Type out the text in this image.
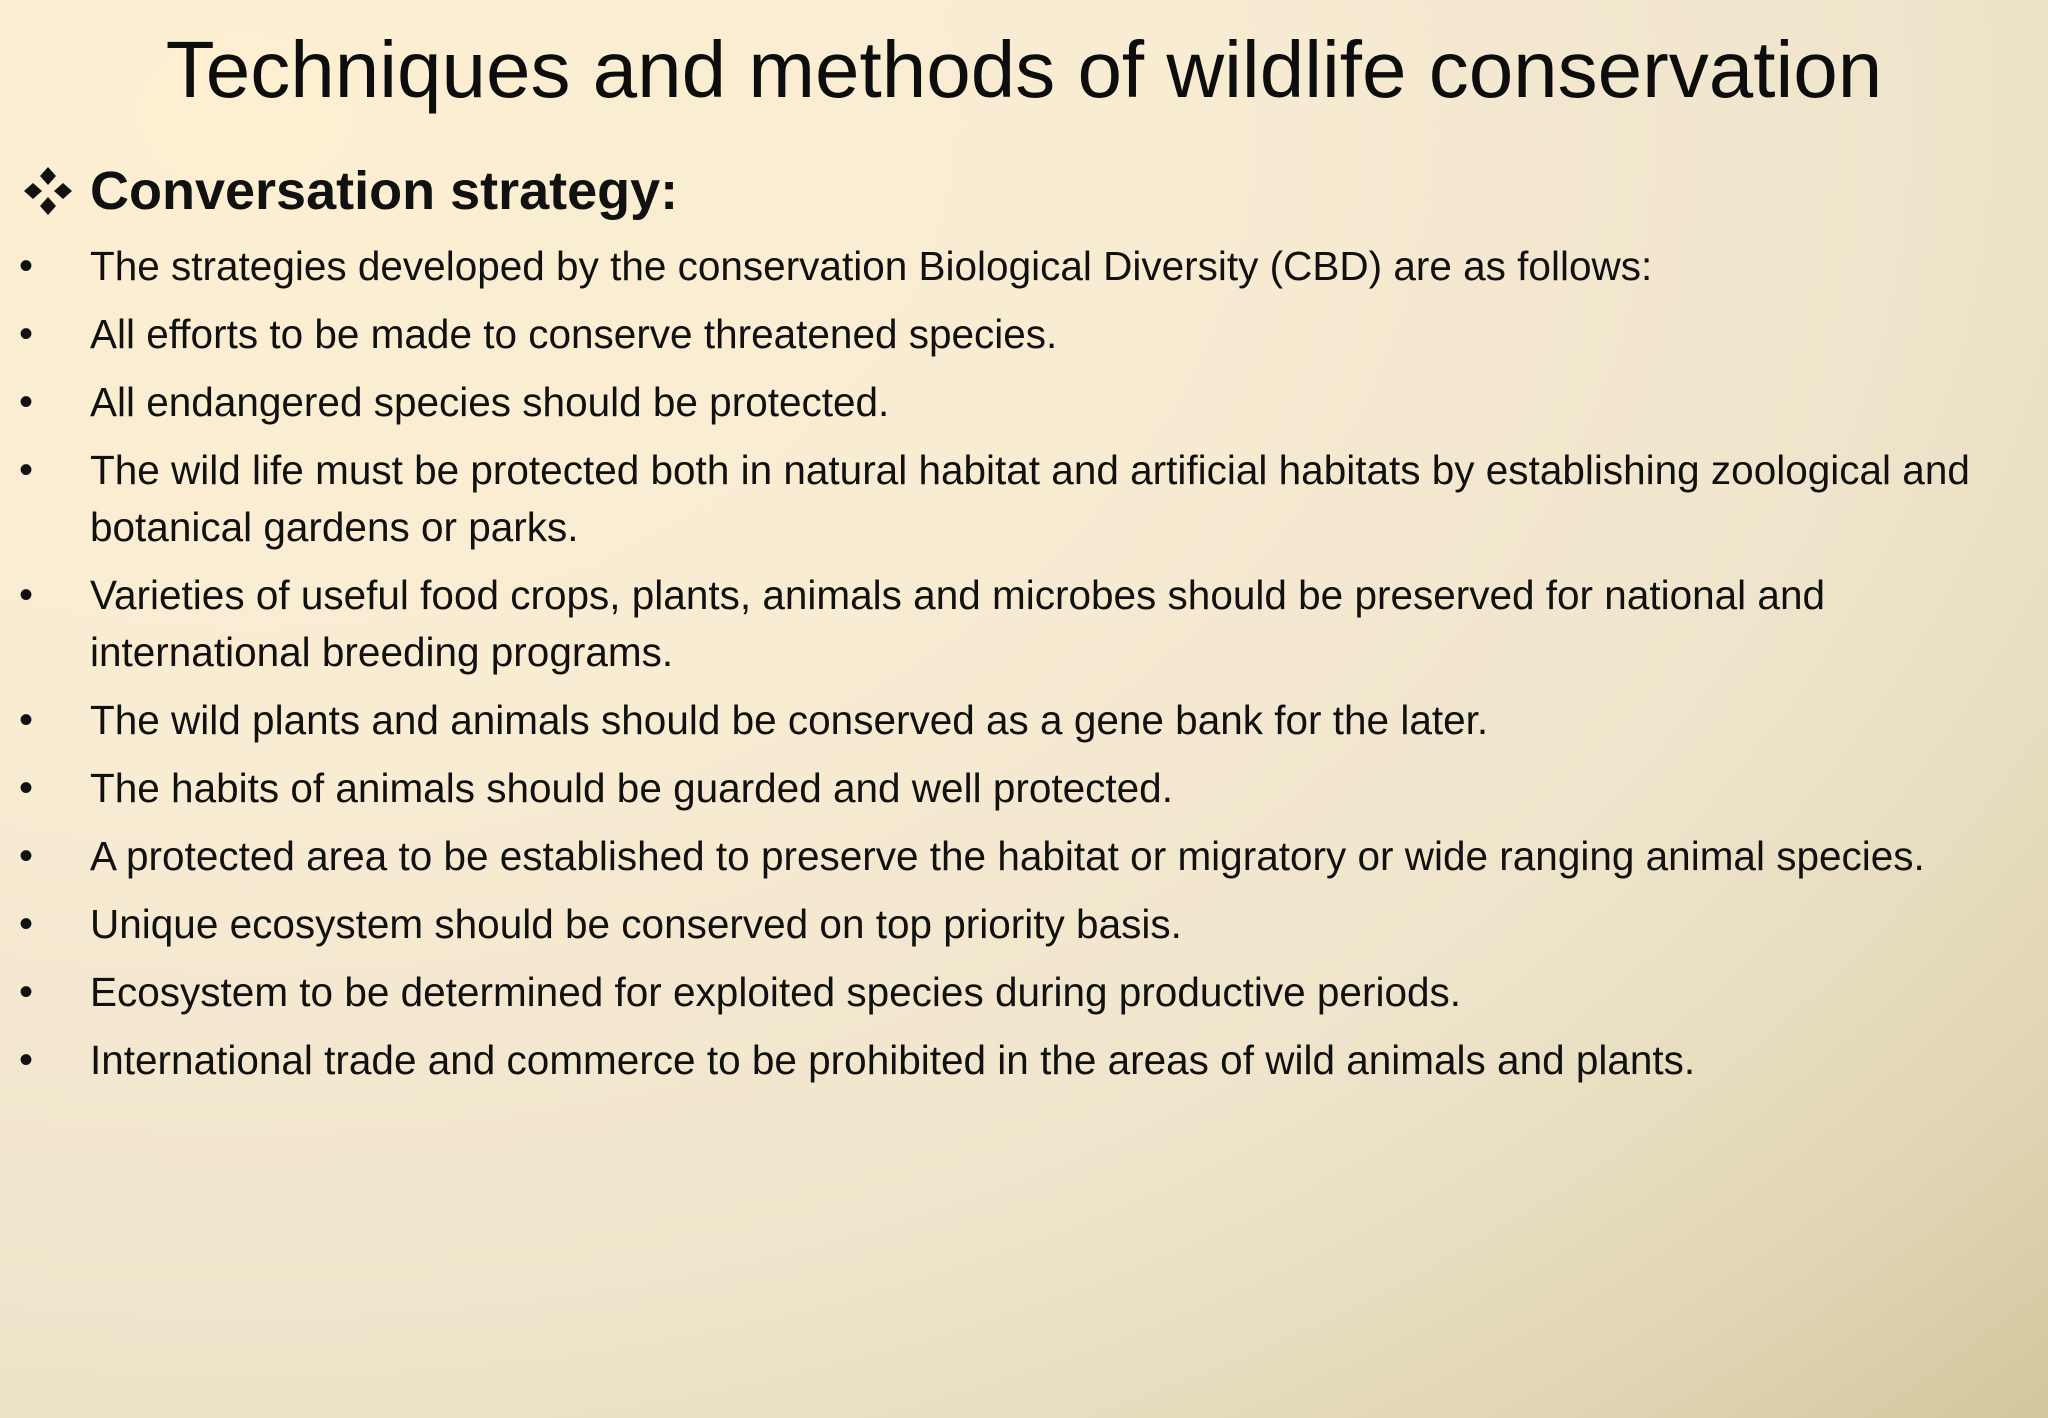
Techniques and methods of wildlife conservation
Conversation strategy:
• The strategies developed by the conservation Biological Diversity (CBD) are as follows:
• All efforts to be made to conserve threatened species.
• All endangered species should be protected.
• The wild life must be protected both in natural habitat and artificial habitats by establishing zoological and botanical gardens or parks.
• Varieties of useful food crops, plants, animals and microbes should be preserved for national and international breeding programs.
• The wild plants and animals should be conserved as a gene bank for the later.
• The habits of animals should be guarded and well protected.
• A protected area to be established to preserve the habitat or migratory or wide ranging animal species.
• Unique ecosystem should be conserved on top priority basis.
• Ecosystem to be determined for exploited species during productive periods.
• International trade and commerce to be prohibited in the areas of wild animals and plants.
